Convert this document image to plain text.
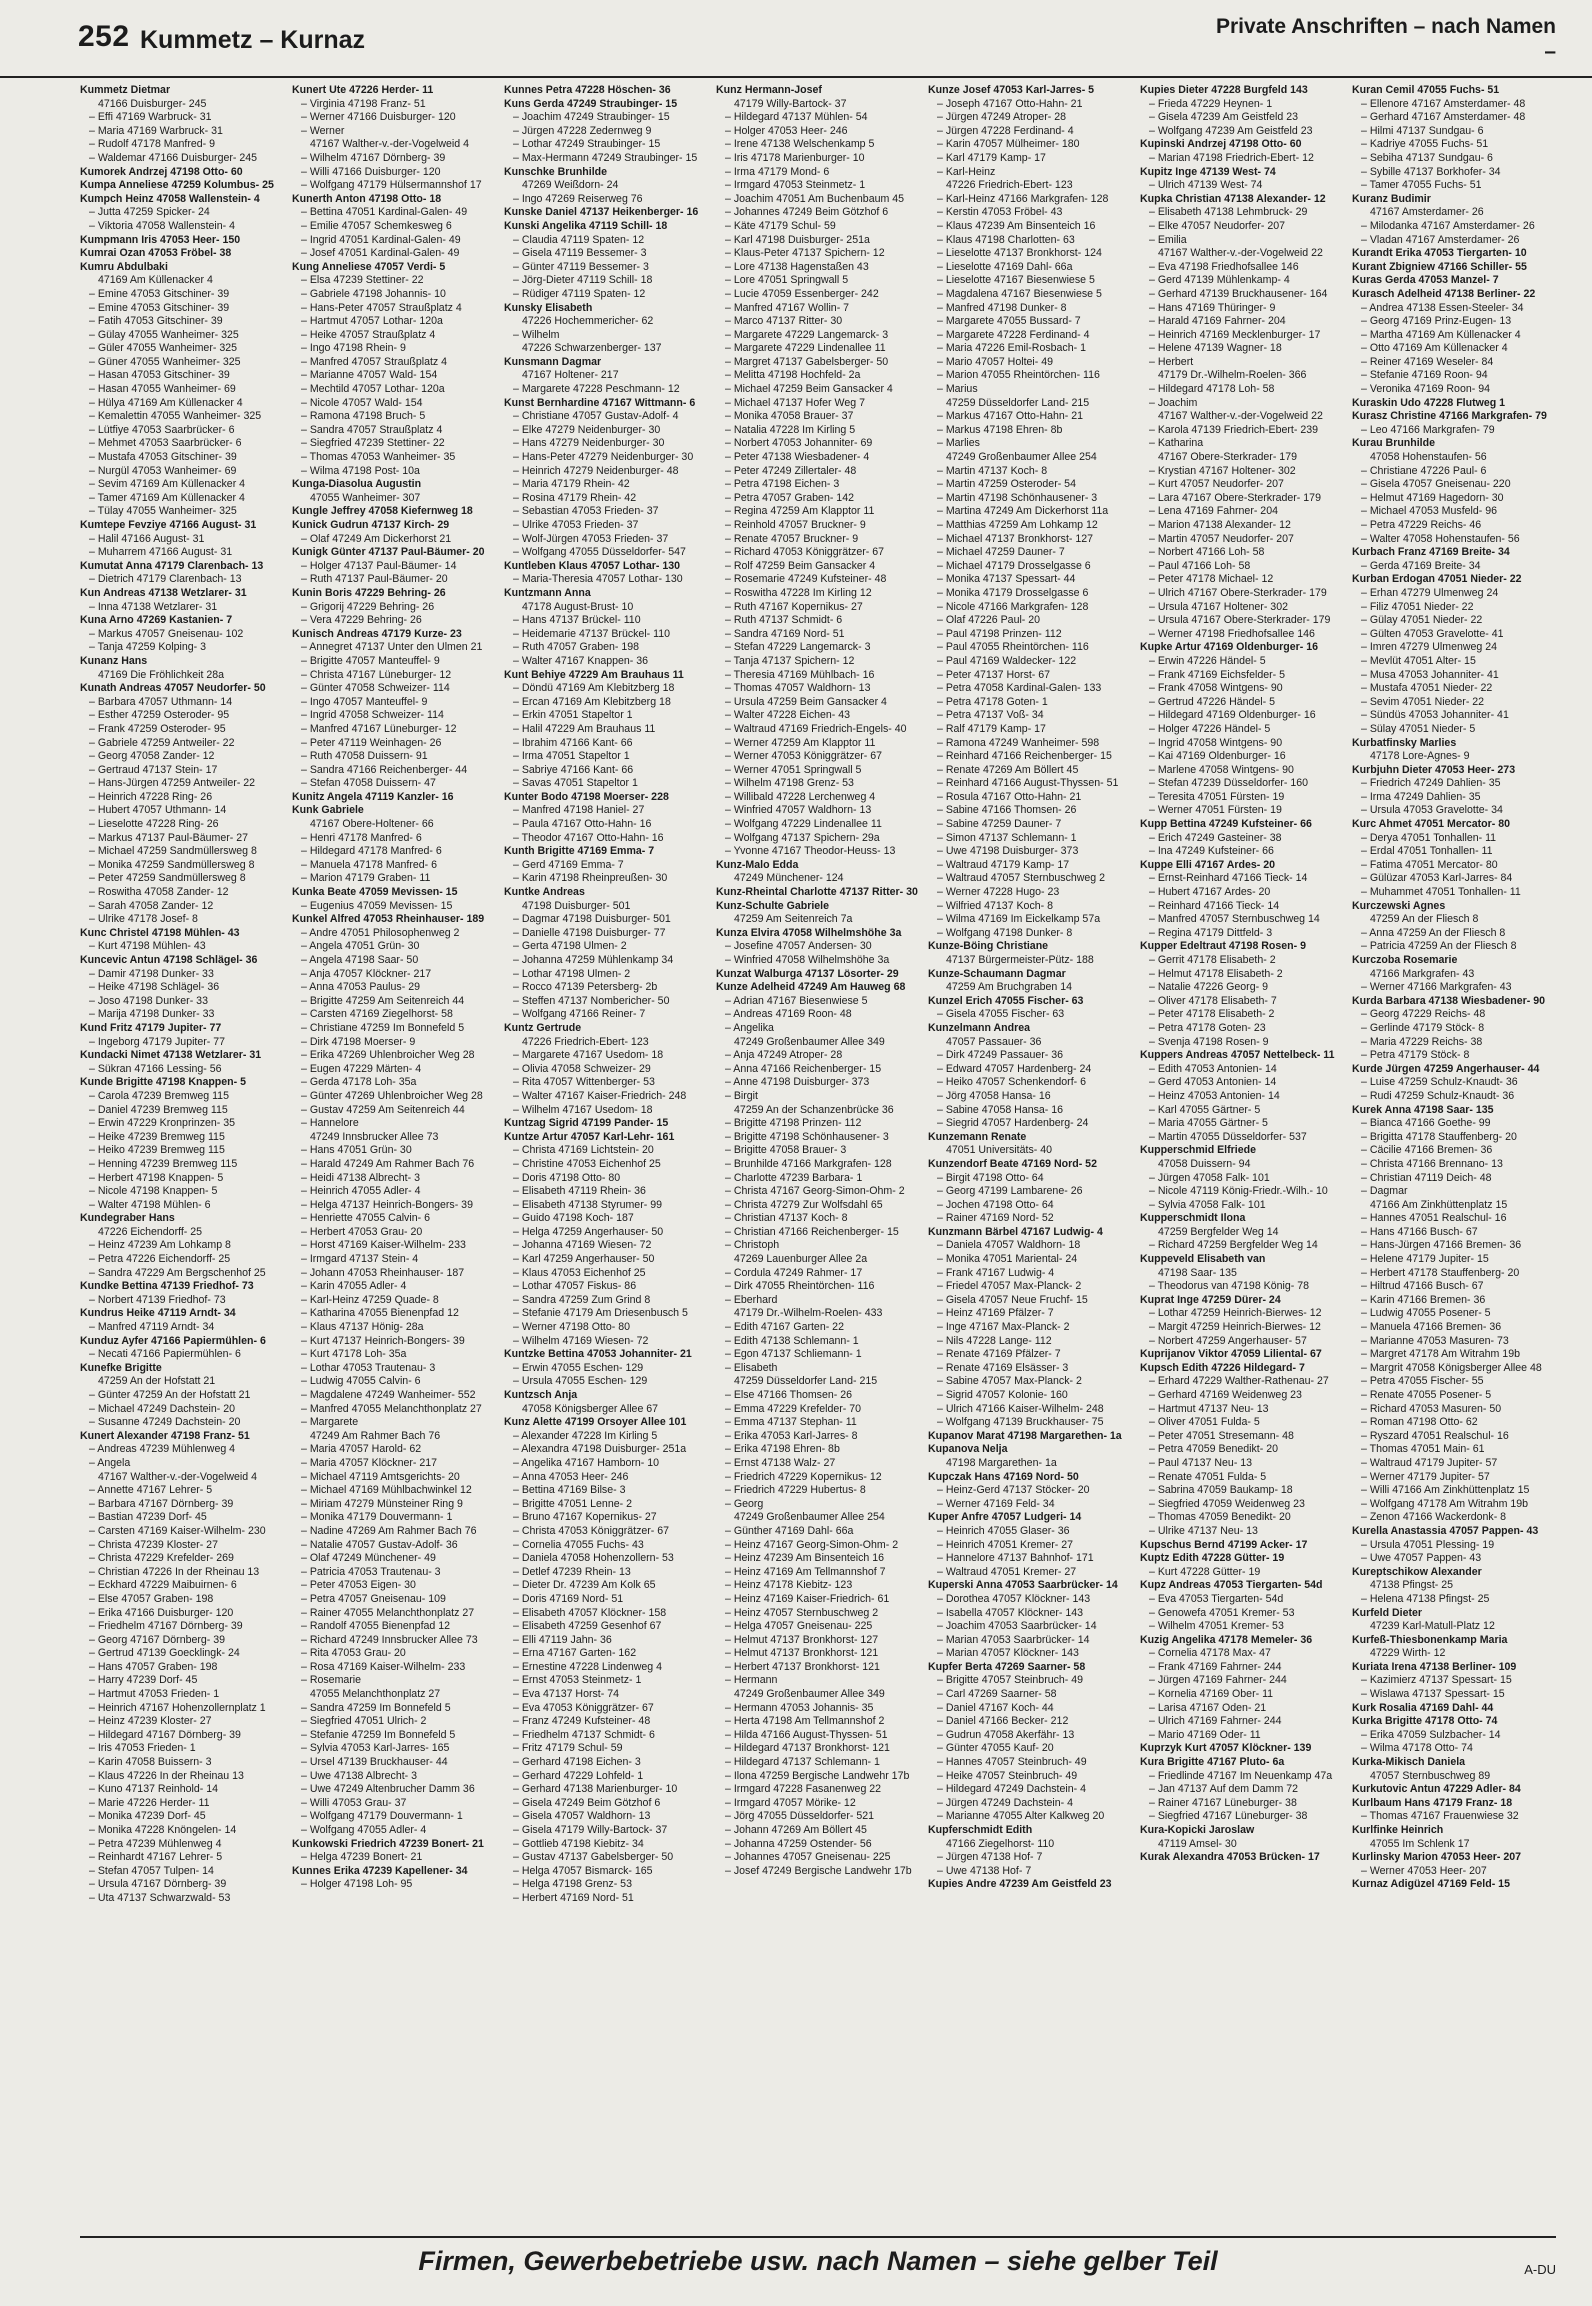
252 Kummetz – Kurnaz	Private Anschriften – nach Namen –
Kummetz Dietmar
47166 Duisburger- 245
– Effi 47169 Warbruck- 31
– Maria 47169 Warbruck- 31
– Rudolf 47178 Manfred- 9
– Waldemar 47166 Duisburger- 245
Kumorek Andrzej 47198 Otto- 60
Kumpa Anneliese 47259 Kolumbus- 25
Kumpch Heinz 47058 Wallenstein- 4
– Jutta 47259 Spicker- 24
– Viktoria 47058 Wallenstein- 4
Kumpmann Iris 47053 Heer- 150
Kumrai Ozan 47053 Fröbel- 38
Kumru Abdulbaki
47169 Am Küllenacker 4
– Emine 47053 Gitschiner- 39
– Emine 47053 Gitschiner- 39
– Fatih 47053 Gitschiner- 39
– Gülay 47055 Wanheimer- 325
– Güler 47055 Wanheimer- 325
– Güner 47055 Wanheimer- 325
– Hasan 47053 Gitschiner- 39
– Hasan 47055 Wanheimer- 69
– Hülya 47169 Am Küllenacker 4
– Kemalettin 47055 Wanheimer- 325
– Lütfiye 47053 Saarbrücker- 6
– Mehmet 47053 Saarbrücker- 6
– Mustafa 47053 Gitschiner- 39
– Nurgül 47053 Wanheimer- 69
– Sevim 47169 Am Küllenacker 4
– Tamer 47169 Am Küllenacker 4
– Tülay 47055 Wanheimer- 325
Kumtepe Fevziye 47166 August- 31
– Halil 47166 August- 31
– Muharrem 47166 August- 31
Kumutat Anna 47179 Clarenbach- 13
– Dietrich 47179 Clarenbach- 13
Kun Andreas 47138 Wetzlarer- 31
– Inna 47138 Wetzlarer- 31
Kuna Arno 47269 Kastanien- 7
– Markus 47057 Gneisenau- 102
– Tanja 47259 Kolping- 3
Kunanz Hans
47169 Die Fröhlichkeit 28a
Kunath Andreas 47057 Neudorfer- 50
– Barbara 47057 Uthmann- 14
– Esther 47259 Osteroder- 95
– Frank 47259 Osteroder- 95
– Gabriele 47259 Antweiler- 22
– Georg 47058 Zander- 12
– Gertraud 47137 Stein- 17
– Hans-Jürgen 47259 Antweiler- 22
– Heinrich 47228 Ring- 26
– Hubert 47057 Uthmann- 14
– Lieselotte 47228 Ring- 26
– Markus 47137 Paul-Bäumer- 27
– Michael 47259 Sandmüllersweg 8
– Monika 47259 Sandmüllersweg 8
– Peter 47259 Sandmüllersweg 8
– Roswitha 47058 Zander- 12
– Sarah 47058 Zander- 12
– Ulrike 47178 Josef- 8
Kunc Christel 47198 Mühlen- 43
– Kurt 47198 Mühlen- 43
Kuncevic Antun 47198 Schlägel- 36
– Damir 47198 Dunker- 33
– Heike 47198 Schlägel- 36
– Joso 47198 Dunker- 33
– Marija 47198 Dunker- 33
Kund Fritz 47179 Jupiter- 77
– Ingeborg 47179 Jupiter- 77
Kundacki Nimet 47138 Wetzlarer- 31
– Sükran 47166 Lessing- 56
Kunde Brigitte 47198 Knappen- 5
– Carola 47239 Bremweg 115
– Daniel 47239 Bremweg 115
– Erwin 47229 Kronprinzen- 35
– Heike 47239 Bremweg 115
– Heiko 47239 Bremweg 115
– Henning 47239 Bremweg 115
– Herbert 47198 Knappen- 5
– Nicole 47198 Knappen- 5
– Walter 47198 Mühlen- 6
Kundegraber Hans
47226 Eichendorff- 25
– Heinz 47239 Am Lohkamp 8
– Petra 47226 Eichendorff- 25
– Sandra 47229 Am Bergschenhof 25
Kundke Bettina 47139 Friedhof- 73
– Norbert 47139 Friedhof- 73
Kundrus Heike 47119 Arndt- 34
– Manfred 47119 Arndt- 34
Kunduz Ayfer 47166 Papiermühlen- 6
– Necati 47166 Papiermühlen- 6
Kunefke Brigitte
47259 An der Hofstatt 21
– Günter 47259 An der Hofstatt 21
– Michael 47249 Dachstein- 20
– Susanne 47249 Dachstein- 20
Kunert Alexander 47198 Franz- 51
– Andreas 47239 Mühlenweg 4
– Angela
47167 Walther-v.-der-Vogelweid 4
– Annette 47167 Lehrer- 5
– Barbara 47167 Dörnberg- 39
– Bastian 47239 Dorf- 45
– Carsten 47169 Kaiser-Wilhelm- 230
– Christa 47239 Kloster- 27
– Christa 47229 Krefelder- 269
– Christian 47226 In der Rheinau 13
– Eckhard 47229 Maibuirnen- 6
– Else 47057 Graben- 198
– Erika 47166 Duisburger- 120
– Friedhelm 47167 Dörnberg- 39
– Georg 47167 Dörnberg- 39
– Gertrud 47139 Goecklingk- 24
– Hans 47057 Graben- 198
– Harry 47239 Dorf- 45
– Hartmut 47053 Frieden- 1
– Heinrich 47167 Hohenzollernplatz 1
– Heinz 47239 Kloster- 27
– Hildegard 47167 Dörnberg- 39
– Iris 47053 Frieden- 1
– Karin 47058 Buissern- 3
– Klaus 47226 In der Rheinau 13
– Kuno 47137 Reinhold- 14
– Marie 47226 Herder- 11
– Monika 47239 Dorf- 45
– Monika 47228 Knöngelen- 14
– Petra 47239 Mühlenweg 4
– Reinhardt 47167 Lehrer- 5
– Stefan 47057 Tulpen- 14
– Ursula 47167 Dörnberg- 39
– Uta 47137 Schwarzwald- 53
Kunert Ute 47226 Herder- 11
– Virginia 47198 Franz- 51
– Werner 47166 Duisburger- 120
– Werner
47167 Walther-v.-der-Vogelweid 4
– Wilhelm 47167 Dörnberg- 39
– Willi 47166 Duisburger- 120
– Wolfgang 47179 Hülsermannshof 17
Kunerth Anton 47198 Otto- 18
– Bettina 47051 Kardinal-Galen- 49
– Emilie 47057 Schemkesweg 6
– Ingrid 47051 Kardinal-Galen- 49
– Josef 47051 Kardinal-Galen- 49
Kung Anneliese 47057 Verdi- 5
– Elsa 47239 Stettiner- 22
– Gabriele 47198 Johannis- 10
– Hans-Peter 47057 Straußplatz 4
– Hartmut 47057 Lothar- 120a
– Heike 47057 Straußplatz 4
– Ingo 47198 Rhein- 9
– Manfred 47057 Straußplatz 4
– Marianne 47057 Wald- 154
– Mechtild 47057 Lothar- 120a
– Nicole 47057 Wald- 154
– Ramona 47198 Bruch- 5
– Sandra 47057 Straußplatz 4
– Siegfried 47239 Stettiner- 22
– Thomas 47053 Wanheimer- 35
– Wilma 47198 Post- 10a
Kunga-Diasolua Augustin
47055 Wanheimer- 307
Kungle Jeffrey 47058 Kiefernweg 18
Kunick Gudrun 47137 Kirch- 29
– Olaf 47249 Am Dickerhorst 21
Kunigk Günter 47137 Paul-Bäumer- 20
– Holger 47137 Paul-Bäumer- 14
– Ruth 47137 Paul-Bäumer- 20
Kunin Boris 47229 Behring- 26
– Grigorij 47229 Behring- 26
– Vera 47229 Behring- 26
Kunisch Andreas 47179 Kurze- 23
– Annegret 47137 Unter den Ulmen 21
– Brigitte 47057 Manteuffel- 9
– Christa 47167 Lüneburger- 12
– Günter 47058 Schweizer- 114
– Ingo 47057 Manteuffel- 9
– Ingrid 47058 Schweizer- 114
– Manfred 47167 Lüneburger- 12
– Peter 47119 Weinhagen- 26
– Ruth 47058 Duissern- 91
– Sandra 47166 Reichenberger- 44
– Stefan 47058 Duissern- 47
Kunitz Angela 47119 Kanzler- 16
Kunk Gabriele
47167 Obere-Holtener- 66
– Henri 47178 Manfred- 6
– Hildegard 47178 Manfred- 6
– Manuela 47178 Manfred- 6
– Marion 47179 Graben- 11
Kunka Beate 47059 Mevissen- 15
– Eugenius 47059 Mevissen- 15
Kunkel Alfred 47053 Rheinhauser- 189
– Andre 47051 Philosophenweg 2
– Angela 47051 Grün- 30
– Angela 47198 Saar- 50
– Anja 47057 Klöckner- 217
– Anna 47053 Paulus- 29
– Brigitte 47259 Am Seitenreich 44
– Carsten 47169 Ziegelhorst- 58
– Christiane 47259 Im Bonnefeld 5
– Dirk 47198 Moerser- 9
– Erika 47269 Uhlenbroicher Weg 28
– Eugen 47229 Märten- 4
– Gerda 47178 Loh- 35a
– Günter 47269 Uhlenbroicher Weg 28
– Gustav 47259 Am Seitenreich 44
– Hannelore
47249 Innsbrucker Allee 73
– Hans 47051 Grün- 30
– Harald 47249 Am Rahmer Bach 76
– Heidi 47138 Albrecht- 3
– Heinrich 47055 Adler- 4
– Helga 47137 Heinrich-Bongers- 39
– Henriette 47055 Calvin- 6
– Herbert 47053 Grau- 20
– Horst 47169 Kaiser-Wilhelm- 233
– Irmgard 47137 Stein- 4
– Johann 47053 Rheinhauser- 187
– Karin 47055 Adler- 4
– Karl-Heinz 47259 Quade- 8
– Katharina 47055 Bienenpfad 12
– Klaus 47137 Hönig- 28a
– Kurt 47137 Heinrich-Bongers- 39
– Kurt 47178 Loh- 35a
– Lothar 47053 Trautenau- 3
– Ludwig 47055 Calvin- 6
– Magdalene 47249 Wanheimer- 552
– Manfred 47055 Melanchthonplatz 27
– Margarete
47249 Am Rahmer Bach 76
– Maria 47057 Harold- 62
– Maria 47057 Klöckner- 217
– Michael 47119 Amtsgerichts- 20
– Michael 47169 Mühlbachwinkel 12
– Miriam 47279 Münsteiner Ring 9
– Monika 47179 Douvermann- 1
– Nadine 47269 Am Rahmer Bach 76
– Natalie 47057 Gustav-Adolf- 36
– Olaf 47249 Münchener- 49
– Patricia 47053 Trautenau- 3
– Peter 47053 Eigen- 30
– Petra 47057 Gneisenau- 109
– Rainer 47055 Melanchthonplatz 27
– Randolf 47055 Bienenpfad 12
– Richard 47249 Innsbrucker Allee 73
– Rita 47053 Grau- 20
– Rosa 47169 Kaiser-Wilhelm- 233
– Rosemarie
47055 Melanchthonplatz 27
– Sandra 47259 Im Bonnefeld 5
– Siegfried 47051 Ulrich- 2
– Stefanie 47259 Im Bonnefeld 5
– Sylvia 47053 Karl-Jarres- 165
– Ursel 47139 Bruckhauser- 44
– Uwe 47138 Albrecht- 3
– Uwe 47249 Altenbrucher Damm 36
– Willi 47053 Grau- 37
– Wolfgang 47179 Douvermann- 1
– Wolfgang 47055 Adler- 4
Kunkowski Friedrich 47239 Bonert- 21
– Helga 47239 Bonert- 21
Kunnes Erika 47239 Kapellener- 34
– Holger 47198 Loh- 95
Kunnes Petra 47228 Höschen- 36
Kuns Gerda 47249 Straubinger- 15
– Joachim 47249 Straubinger- 15
– Jürgen 47228 Zedernweg 9
– Lothar 47249 Straubinger- 15
– Max-Hermann 47249 Straubinger- 15
Kunschke Brunhilde
47269 Weißdorn- 24
– Ingo 47269 Reiserweg 76
Kunske Daniel 47137 Heikenberger- 16
Kunski Angelika 47119 Schill- 18
– Claudia 47119 Spaten- 12
– Gisela 47119 Bessemer- 3
– Günter 47119 Bessemer- 3
– Jörg-Dieter 47119 Schill- 18
– Rüdiger 47119 Spaten- 12
Kunsky Elisabeth
47226 Hochemmericher- 62
– Wilhelm
47226 Schwarzenberger- 137
Kunsmann Dagmar
47167 Holtener- 217
– Margarete 47228 Peschmann- 12
Kunst Bernhardine 47167 Wittmann- 6
– Christiane 47057 Gustav-Adolf- 4
– Elke 47279 Neidenburger- 30
– Hans 47279 Neidenburger- 30
– Hans-Peter 47279 Neidenburger- 30
– Heinrich 47279 Neidenburger- 48
– Maria 47179 Rhein- 42
– Rosina 47179 Rhein- 42
– Sebastian 47053 Frieden- 37
– Ulrike 47053 Frieden- 37
– Wolf-Jürgen 47053 Frieden- 37
– Wolfgang 47055 Düsseldorfer- 547
Kuntleben Klaus 47057 Lothar- 130
– Maria-Theresia 47057 Lothar- 130
Kuntzmann Anna
47178 August-Brust- 10
– Hans 47137 Brückel- 110
– Heidemarie 47137 Brückel- 110
– Ruth 47057 Graben- 198
– Walter 47167 Knappen- 36
Kunt Behiye 47229 Am Brauhaus 11
– Döndü 47169 Am Klebitzberg 18
– Ercan 47169 Am Klebitzberg 18
– Erkin 47051 Stapeltor 1
– Halil 47229 Am Brauhaus 11
– Ibrahim 47166 Kant- 66
– Irma 47051 Stapeltor 1
– Sabriye 47166 Kant- 66
– Savas 47051 Stapeltor 1
Kunter Bodo 47198 Moerser- 228
– Manfred 47198 Haniel- 27
– Paula 47167 Otto-Hahn- 16
– Theodor 47167 Otto-Hahn- 16
Kunth Brigitte 47169 Emma- 7
– Gerd 47169 Emma- 7
– Karin 47198 Rheinpreußen- 30
Kuntke Andreas
47198 Duisburger- 501
– Dagmar 47198 Duisburger- 501
– Danielle 47198 Duisburger- 77
– Gerta 47198 Ulmen- 2
– Johanna 47259 Mühlenkamp 34
– Lothar 47198 Ulmen- 2
– Rocco 47139 Petersberg- 2b
– Steffen 47137 Nombericher- 50
– Wolfgang 47166 Reiner- 7
Kuntz Gertrude
47226 Friedrich-Ebert- 123
– Margarete 47167 Usedom- 18
– Olivia 47058 Schweizer- 29
– Rita 47057 Wittenberger- 53
– Walter 47167 Kaiser-Friedrich- 248
– Wilhelm 47167 Usedom- 18
Kuntzag Sigrid 47199 Pander- 15
Kuntze Artur 47057 Karl-Lehr- 161
– Christa 47169 Lichtstein- 20
– Christine 47053 Eichenhof 25
– Doris 47198 Otto- 80
– Elisabeth 47119 Rhein- 36
– Elisabeth 47138 Styrumer- 99
– Guido 47198 Koch- 187
– Helga 47259 Angerhauser- 50
– Johanna 47169 Wiesen- 72
– Karl 47259 Angerhauser- 50
– Klaus 47053 Eichenhof 25
– Lothar 47057 Fiskus- 86
– Sandra 47259 Zum Grind 8
– Stefanie 47179 Am Driesenbusch 5
– Werner 47198 Otto- 80
– Wilhelm 47169 Wiesen- 72
Kuntzke Bettina 47053 Johanniter- 21
– Erwin 47055 Eschen- 129
– Ursula 47055 Eschen- 129
Kuntzsch Anja
47058 Königsberger Allee 67
Kunz Alette 47199 Orsoyer Allee 101
– Alexander 47228 Im Kirling 5
– Alexandra 47198 Duisburger- 251a
– Angelika 47167 Hamborn- 10
– Anna 47053 Heer- 246
– Bettina 47169 Bilse- 3
– Brigitte 47051 Lenne- 2
– Bruno 47167 Kopernikus- 27
– Christa 47053 Königgrätzer- 67
– Cornelia 47055 Fuchs- 43
– Daniela 47058 Hohenzollern- 53
– Detlef 47239 Rhein- 13
– Dieter Dr. 47239 Am Kolk 65
– Doris 47169 Nord- 51
– Elisabeth 47057 Klöckner- 158
– Elisabeth 47259 Gesenhof 67
– Elli 47119 Jahn- 36
– Erna 47167 Garten- 162
– Ernestine 47228 Lindenweg 4
– Ernst 47053 Steinmetz- 1
– Eva 47137 Horst- 74
– Eva 47053 Königgrätzer- 67
– Franz 47249 Kufsteiner- 48
– Friedhelm 47137 Schmidt- 6
– Fritz 47179 Schul- 59
– Gerhard 47198 Eichen- 3
– Gerhard 47229 Lohfeld- 1
– Gerhard 47138 Marienburger- 10
– Gisela 47249 Beim Götzhof 6
– Gisela 47057 Waldhorn- 13
– Gisela 47179 Willy-Bartock- 37
– Gottlieb 47198 Kiebitz- 34
– Gustav 47137 Gabelsberger- 50
– Helga 47057 Bismarck- 165
– Helga 47198 Grenz- 53
– Herbert 47169 Nord- 51
Kunz Hermann-Josef
47179 Willy-Bartock- 37
– Hildegard 47137 Mühlen- 54
– Holger 47053 Heer- 246
– Irene 47138 Welschenkamp 5
– Iris 47178 Marienburger- 10
– Irma 47179 Mond- 6
– Irmgard 47053 Steinmetz- 1
– Joachim 47051 Am Buchenbaum 45
– Johannes 47249 Beim Götzhof 6
– Käte 47179 Schul- 59
– Karl 47198 Duisburger- 251a
– Klaus-Peter 47137 Spichern- 12
– Lore 47138 Hagenstaßen 43
– Lore 47051 Springwall 5
– Lucie 47059 Essenberger- 242
– Manfred 47167 Wollin- 7
– Marco 47137 Ritter- 30
– Margarete 47229 Langemarck- 3
– Margarete 47229 Lindenallee 11
– Margret 47137 Gabelsberger- 50
– Melitta 47198 Hochfeld- 2a
– Michael 47259 Beim Gansacker 4
– Michael 47137 Hofer Weg 7
– Monika 47058 Brauer- 37
– Natalia 47228 Im Kirling 5
– Norbert 47053 Johanniter- 69
– Peter 47138 Wiesbadener- 4
– Peter 47249 Zillertaler- 48
– Petra 47198 Eichen- 3
– Petra 47057 Graben- 142
– Regina 47259 Am Klapptor 11
– Reinhold 47057 Bruckner- 9
– Renate 47057 Bruckner- 9
– Richard 47053 Königgrätzer- 67
– Rolf 47259 Beim Gansacker 4
– Rosemarie 47249 Kufsteiner- 48
– Roswitha 47228 Im Kirling 12
– Ruth 47167 Kopernikus- 27
– Ruth 47137 Schmidt- 6
– Sandra 47169 Nord- 51
– Stefan 47229 Langemarck- 3
– Tanja 47137 Spichern- 12
– Theresia 47169 Mühlbach- 16
– Thomas 47057 Waldhorn- 13
– Ursula 47259 Beim Gansacker 4
– Walter 47228 Eichen- 43
– Waltraud 47169 Friedrich-Engels- 40
– Werner 47259 Am Klapptor 11
– Werner 47053 Königgrätzer- 67
– Werner 47051 Springwall 5
– Wilhelm 47198 Grenz- 53
– Willibald 47228 Lerchenweg 4
– Winfried 47057 Waldhorn- 13
– Wolfgang 47229 Lindenallee 11
– Wolfgang 47137 Spichern- 29a
– Yvonne 47167 Theodor-Heuss- 13
Kunz-Malo Edda
47249 Münchener- 124
Kunz-Rheintal Charlotte 47137 Ritter- 30
Kunz-Schulte Gabriele
47259 Am Seitenreich 7a
Kunza Elvira 47058 Wilhelmshöhe 3a
– Josefine 47057 Andersen- 30
– Winfried 47058 Wilhelmshöhe 3a
Kunzat Walburga 47137 Lösorter- 29
Kunze Adelheid 47249 Am Hauweg 68
– Adrian 47167 Biesenwiese 5
– Andreas 47169 Roon- 48
– Angelika
47249 Großenbaumer Allee 349
– Anja 47249 Atroper- 28
– Anna 47166 Reichenberger- 15
– Anne 47198 Duisburger- 373
– Birgit
47259 An der Schanzenbrücke 36
– Brigitte 47198 Prinzen- 112
– Brigitte 47198 Schönhausener- 3
– Brigitte 47058 Brauer- 3
– Brunhilde 47166 Markgrafen- 128
– Charlotte 47239 Barbara- 1
– Christa 47167 Georg-Simon-Ohm- 2
– Christa 47279 Zur Wolfsdahl 65
– Christian 47137 Koch- 8
– Christian 47166 Reichenberger- 15
– Christoph
47269 Lauenburger Allee 2a
– Cordula 47249 Rahmer- 17
– Dirk 47055 Rheintörchen- 116
– Eberhard
47179 Dr.-Wilhelm-Roelen- 433
– Edith 47167 Garten- 22
– Edith 47138 Schlemann- 1
– Egon 47137 Schliemann- 1
– Elisabeth
47259 Düsseldorfer Land- 215
– Else 47166 Thomsen- 26
– Emma 47229 Krefelder- 70
– Emma 47137 Stephan- 11
– Erika 47053 Karl-Jarres- 8
– Erika 47198 Ehren- 8b
– Ernst 47138 Walz- 27
– Friedrich 47229 Kopernikus- 12
– Friedrich 47229 Hubertus- 8
– Georg
47249 Großenbaumer Allee 254
– Günther 47169 Dahl- 66a
– Heinz 47167 Georg-Simon-Ohm- 2
– Heinz 47239 Am Binsenteich 16
– Heinz 47169 Am Tellmannshof 7
– Heinz 47178 Kiebitz- 123
– Heinz 47169 Kaiser-Friedrich- 61
– Heinz 47057 Sternbuschweg 2
– Helga 47057 Gneisenau- 225
– Helmut 47137 Bronkhorst- 127
– Helmut 47137 Bronkhorst- 121
– Herbert 47137 Bronkhorst- 121
– Hermann
47249 Großenbaumer Allee 349
– Hermann 47053 Johannis- 35
– Herta 47198 Am Tellmannshof 2
– Hilda 47166 August-Thyssen- 51
– Hildegard 47137 Bronkhorst- 121
– Hildegard 47137 Schlemann- 1
– Ilona 47259 Bergische Landwehr 17b
– Irmgard 47228 Fasanenweg 22
– Irmgard 47057 Mörike- 12
– Jörg 47055 Düsseldorfer- 521
– Johann 47269 Am Böllert 45
– Johanna 47259 Ostender- 56
– Johannes 47057 Gneisenau- 225
– Josef 47249 Bergische Landwehr 17b
Kunze Josef 47053 Karl-Jarres- 5
– Joseph 47167 Otto-Hahn- 21
– Jürgen 47249 Atroper- 28
– Jürgen 47228 Ferdinand- 4
– Karin 47057 Mülheimer- 180
– Karl 47179 Kamp- 17
– Karl-Heinz
47226 Friedrich-Ebert- 123
– Karl-Heinz 47166 Markgrafen- 128
– Kerstin 47053 Fröbel- 43
– Klaus 47239 Am Binsenteich 16
– Klaus 47198 Charlotten- 63
– Lieselotte 47137 Bronkhorst- 124
– Lieselotte 47169 Dahl- 66a
– Lieselotte 47167 Biesenwiese 5
– Magdalena 47167 Biesenwiese 5
– Manfred 47198 Dunker- 8
– Margarete 47055 Bussard- 7
– Margarete 47228 Ferdinand- 4
– Maria 47226 Emil-Rosbach- 1
– Mario 47057 Holtei- 49
– Marion 47055 Rheintörchen- 116
– Marius
47259 Düsseldorfer Land- 215
– Markus 47167 Otto-Hahn- 21
– Markus 47198 Ehren- 8b
– Marlies
47249 Großenbaumer Allee 254
– Martin 47137 Koch- 8
– Martin 47259 Osteroder- 54
– Martin 47198 Schönhausener- 3
– Martina 47249 Am Dickerhorst 11a
– Matthias 47259 Am Lohkamp 12
– Michael 47137 Bronkhorst- 127
– Michael 47259 Dauner- 7
– Michael 47179 Drosselgasse 6
– Monika 47137 Spessart- 44
– Monika 47179 Drosselgasse 6
– Nicole 47166 Markgrafen- 128
– Olaf 47226 Paul- 20
– Paul 47198 Prinzen- 112
– Paul 47055 Rheintörchen- 116
– Paul 47169 Waldecker- 122
– Peter 47137 Horst- 67
– Petra 47058 Kardinal-Galen- 133
– Petra 47178 Goten- 1
– Petra 47137 Voß- 34
– Ralf 47179 Kamp- 17
– Ramona 47249 Wanheimer- 598
– Reinhard 47166 Reichenberger- 15
– Renate 47269 Am Böllert 45
– Reinhard 47166 August-Thyssen- 51
– Rosula 47167 Otto-Hahn- 21
– Sabine 47166 Thomsen- 26
– Sabine 47259 Dauner- 7
– Simon 47137 Schlemann- 1
– Uwe 47198 Duisburger- 373
– Waltraud 47179 Kamp- 17
– Waltraud 47057 Sternbuschweg 2
– Werner 47228 Hugo- 23
– Wilfried 47137 Koch- 8
– Wilma 47169 Im Eickelkamp 57a
– Wolfgang 47198 Dunker- 8
Kunze-Böing Christiane
47137 Bürgermeister-Pütz- 188
Kunze-Schaumann Dagmar
47259 Am Bruchgraben 14
Kunzel Erich 47055 Fischer- 63
– Gisela 47055 Fischer- 63
Kunzelmann Andrea
47057 Passauer- 36
– Dirk 47249 Passauer- 36
– Edward 47057 Hardenberg- 24
– Heiko 47057 Schenkendorf- 6
– Jörg 47058 Hansa- 16
– Sabine 47058 Hansa- 16
– Siegrid 47057 Hardenberg- 24
Kunzemann Renate
47051 Universitäts- 40
Kunzendorf Beate 47169 Nord- 52
– Birgit 47198 Otto- 64
– Georg 47199 Lambarene- 26
– Jochen 47198 Otto- 64
– Rainer 47169 Nord- 52
Kunzmann Bärbel 47167 Ludwig- 4
– Daniela 47057 Waldhorn- 18
– Monika 47051 Mariental- 24
– Frank 47167 Ludwig- 4
– Friedel 47057 Max-Planck- 2
– Gisela 47057 Neue Fruchf- 15
– Heinz 47169 Pfälzer- 7
– Inge 47167 Max-Planck- 2
– Nils 47228 Lange- 112
– Renate 47169 Pfälzer- 7
– Renate 47169 Elsässer- 3
– Sabine 47057 Max-Planck- 2
– Sigrid 47057 Kolonie- 160
– Ulrich 47166 Kaiser-Wilhelm- 248
– Wolfgang 47139 Bruckhauser- 75
Kupanov Marat 47198 Margarethen- 1a
Kupanova Nelja
47198 Margarethen- 1a
Kupczak Hans 47169 Nord- 50
– Heinz-Gerd 47137 Stöcker- 20
– Werner 47169 Feld- 34
Kuper Anfre 47057 Ludgeri- 14
– Heinrich 47055 Glaser- 36
– Heinrich 47051 Kremer- 27
– Hannelore 47137 Bahnhof- 171
– Waltraud 47051 Kremer- 27
Kuperski Anna 47053 Saarbrücker- 14
– Dorothea 47057 Klöckner- 143
– Isabella 47057 Klöckner- 143
– Joachim 47053 Saarbrücker- 14
– Marian 47053 Saarbrücker- 14
– Marian 47057 Klöckner- 143
Kupfer Berta 47269 Saarner- 58
– Brigitte 47057 Steinbruch- 49
– Carl 47269 Saarner- 58
– Daniel 47167 Koch- 44
– Daniel 47166 Becker- 212
– Gudrun 47058 Akerfähr- 13
– Günter 47055 Kauf- 20
– Hannes 47057 Steinbruch- 49
– Heike 47057 Steinbruch- 49
– Hildegard 47249 Dachstein- 4
– Jürgen 47249 Dachstein- 4
– Marianne 47055 Alter Kalkweg 20
Kupferschmidt Edith
47166 Ziegelhorst- 110
– Jürgen 47138 Hof- 7
– Uwe 47138 Hof- 7
Kupies Andre 47239 Am Geistfeld 23
Kupies Dieter 47228 Burgfeld 143
– Frieda 47229 Heynen- 1
– Gisela 47239 Am Geistfeld 23
– Wolfgang 47239 Am Geistfeld 23
Kupinski Andrzej 47198 Otto- 60
– Marian 47198 Friedrich-Ebert- 12
Kupitz Inge 47139 West- 74
– Ulrich 47139 West- 74
Kupka Christian 47138 Alexander- 12
– Elisabeth 47138 Lehmbruck- 29
– Elke 47057 Neudorfer- 207
– Emilia
47167 Walther-v.-der-Vogelweid 22
– Eva 47198 Friedhofsallee 146
– Gerd 47139 Mühlenkamp- 4
– Gerhard 47139 Bruckhausener- 164
– Hans 47169 Thüringer- 9
– Harald 47169 Fahrner- 204
– Heinrich 47169 Mecklenburger- 17
– Helene 47139 Wagner- 18
– Herbert
47179 Dr.-Wilhelm-Roelen- 366
– Hildegard 47178 Loh- 58
– Joachim
47167 Walther-v.-der-Vogelweid 22
– Karola 47139 Friedrich-Ebert- 239
– Katharina
47167 Obere-Sterkrader- 179
– Krystian 47167 Holtener- 302
– Kurt 47057 Neudorfer- 207
– Lara 47167 Obere-Sterkrader- 179
– Lena 47169 Fahrner- 204
– Marion 47138 Alexander- 12
– Martin 47057 Neudorfer- 207
– Norbert 47166 Loh- 58
– Paul 47166 Loh- 58
– Peter 47178 Michael- 12
– Ulrich 47167 Obere-Sterkrader- 179
– Ursula 47167 Holtener- 302
– Ursula 47167 Obere-Sterkrader- 179
– Werner 47198 Friedhofsallee 146
Kupke Artur 47169 Oldenburger- 16
– Erwin 47226 Händel- 5
– Frank 47169 Eichsfelder- 5
– Frank 47058 Wintgens- 90
– Gertrud 47226 Händel- 5
– Hildegard 47169 Oldenburger- 16
– Holger 47226 Händel- 5
– Ingrid 47058 Wintgens- 90
– Kai 47169 Oldenburger- 16
– Marlene 47058 Wintgens- 90
– Stefan 47239 Düsseldorfer- 160
– Teresita 47051 Fürsten- 19
– Werner 47051 Fürsten- 19
Kupp Bettina 47249 Kufsteiner- 66
– Erich 47249 Gasteiner- 38
– Ina 47249 Kufsteiner- 66
Kuppe Elli 47167 Ardes- 20
– Ernst-Reinhard 47166 Tieck- 14
– Hubert 47167 Ardes- 20
– Reinhard 47166 Tieck- 14
– Manfred 47057 Sternbuschweg 14
– Regina 47179 Dittfeld- 3
Kupper Edeltraut 47198 Rosen- 9
– Gerrit 47178 Elisabeth- 2
– Helmut 47178 Elisabeth- 2
– Natalie 47226 Georg- 9
– Oliver 47178 Elisabeth- 7
– Peter 47178 Elisabeth- 2
– Petra 47178 Goten- 23
– Svenja 47198 Rosen- 9
Kuppers Andreas 47057 Nettelbeck- 11
– Edith 47053 Antonien- 14
– Gerd 47053 Antonien- 14
– Heinz 47053 Antonien- 14
– Karl 47055 Gärtner- 5
– Maria 47055 Gärtner- 5
– Martin 47055 Düsseldorfer- 537
Kupperschmid Elfriede
47058 Duissern- 94
– Jürgen 47058 Falk- 101
– Nicole 47119 König-Friedr.-Wilh.- 10
– Sylvia 47058 Falk- 101
Kupperschmidt Ilona
47259 Bergfelder Weg 14
– Richard 47259 Bergfelder Weg 14
Kuppeveld Elisabeth van
47198 Saar- 135
– Theodorus van 47198 König- 78
Kuprat Inge 47259 Dürer- 24
– Lothar 47259 Heinrich-Bierwes- 12
– Margit 47259 Heinrich-Bierwes- 12
– Norbert 47259 Angerhauser- 57
Kuprijanov Viktor 47059 Liliental- 67
Kupsch Edith 47226 Hildegard- 7
– Erhard 47229 Walther-Rathenau- 27
– Gerhard 47169 Weidenweg 23
– Hartmut 47137 Neu- 13
– Oliver 47051 Fulda- 5
– Peter 47051 Stresemann- 48
– Petra 47059 Benedikt- 20
– Paul 47137 Neu- 13
– Renate 47051 Fulda- 5
– Sabrina 47059 Baukamp- 18
– Siegfried 47059 Weidenweg 23
– Thomas 47059 Benedikt- 20
– Ulrike 47137 Neu- 13
Kupschus Bernd 47199 Acker- 17
Kuptz Edith 47228 Gütter- 19
– Kurt 47228 Gütter- 19
Kupz Andreas 47053 Tiergarten- 54d
– Eva 47053 Tiergarten- 54d
– Genowefa 47051 Kremer- 53
– Wilhelm 47051 Kremer- 53
Kuzig Angelika 47178 Memeler- 36
– Cornelia 47178 Max- 47
– Frank 47169 Fahrner- 244
– Jürgen 47169 Fahrner- 244
– Kornelia 47169 Ober- 11
– Larisa 47167 Oden- 21
– Ulrich 47169 Fahrner- 244
– Mario 47169 Oder- 11
Kuprzyk Kurt 47057 Klöckner- 139
Kura Brigitte 47167 Pluto- 6a
– Friedlinde 47167 Im Neuenkamp 47a
– Jan 47137 Auf dem Damm 72
– Rainer 47167 Lüneburger- 38
– Siegfried 47167 Lüneburger- 38
Kura-Kopicki Jaroslaw
47119 Amsel- 30
Kurak Alexandra 47053 Brücken- 17
Kuran Cemil 47055 Fuchs- 51
– Ellenore 47167 Amsterdamer- 48
– Gerhard 47167 Amsterdamer- 48
– Hilmi 47137 Sundgau- 6
– Kadriye 47055 Fuchs- 51
– Sebiha 47137 Sundgau- 6
– Sybille 47137 Borkhofer- 34
– Tamer 47055 Fuchs- 51
Kuranz Budimir
47167 Amsterdamer- 26
– Milodanka 47167 Amsterdamer- 26
– Vladan 47167 Amsterdamer- 26
Kurandt Erika 47053 Tiergarten- 10
Kurant Zbigniew 47166 Schiller- 55
Kuras Gerda 47053 Manzel- 7
Kurasch Adelheid 47138 Berliner- 22
– Andrea 47138 Essen-Steeler- 34
– Georg 47169 Prinz-Eugen- 13
– Martha 47169 Am Küllenacker 4
– Otto 47169 Am Küllenacker 4
– Reiner 47169 Weseler- 84
– Stefanie 47169 Roon- 94
– Veronika 47169 Roon- 94
Kuraskin Udo 47228 Flutweg 1
Kurasz Christine 47166 Markgrafen- 79
– Leo 47166 Markgrafen- 79
Kurau Brunhilde
47058 Hohenstaufen- 56
– Christiane 47226 Paul- 6
– Gisela 47057 Gneisenau- 220
– Helmut 47169 Hagedorn- 30
– Michael 47053 Musfeld- 96
– Petra 47229 Reichs- 46
– Walter 47058 Hohenstaufen- 56
Kurbach Franz 47169 Breite- 34
– Gerda 47169 Breite- 34
Kurban Erdogan 47051 Nieder- 22
– Erhan 47279 Ulmenweg 24
– Filiz 47051 Nieder- 22
– Gülay 47051 Nieder- 22
– Gülten 47053 Gravelotte- 41
– Imren 47279 Ulmenweg 24
– Mevlüt 47051 Alter- 15
– Musa 47053 Johanniter- 41
– Mustafa 47051 Nieder- 22
– Sevim 47051 Nieder- 22
– Sündüs 47053 Johanniter- 41
– Sülay 47051 Nieder- 5
Kurbatfinsky Marlies
47178 Lore-Agnes- 9
Kurbjuhn Dieter 47053 Heer- 273
– Friedrich 47249 Dahlien- 35
– Irma 47249 Dahlien- 35
– Ursula 47053 Gravelotte- 34
Kurc Ahmet 47051 Mercator- 80
– Derya 47051 Tonhallen- 11
– Erdal 47051 Tonhallen- 11
– Fatima 47051 Mercator- 80
– Gülüzar 47053 Karl-Jarres- 84
– Muhammet 47051 Tonhallen- 11
Kurczewski Agnes
47259 An der Fliesch 8
– Anna 47259 An der Fliesch 8
– Patricia 47259 An der Fliesch 8
Kurczoba Rosemarie
47166 Markgrafen- 43
– Werner 47166 Markgrafen- 43
Kurda Barbara 47138 Wiesbadener- 90
– Georg 47229 Reichs- 48
– Gerlinde 47179 Stöck- 8
– Maria 47229 Reichs- 38
– Petra 47179 Stöck- 8
Kurde Jürgen 47259 Angerhauser- 44
– Luise 47259 Schulz-Knaudt- 36
– Rudi 47259 Schulz-Knaudt- 36
Kurek Anna 47198 Saar- 135
– Bianca 47166 Goethe- 99
– Brigitta 47178 Stauffenberg- 20
– Cäcilie 47166 Bremen- 36
– Christa 47166 Brennano- 13
– Christian 47119 Deich- 48
– Dagmar
47166 Am Zinkhüttenplatz 15
– Hannes 47051 Realschul- 16
– Hans 47166 Busch- 67
– Hans-Jürgen 47166 Bremen- 36
– Helene 47179 Jupiter- 15
– Herbert 47178 Stauffenberg- 20
– Hiltrud 47166 Busch- 67
– Karin 47166 Bremen- 36
– Ludwig 47055 Posener- 5
– Manuela 47166 Bremen- 36
– Marianne 47053 Masuren- 73
– Margret 47178 Am Witrahm 19b
– Margrit 47058 Königsberger Allee 48
– Petra 47055 Fischer- 55
– Renate 47055 Posener- 5
– Richard 47053 Masuren- 50
– Roman 47198 Otto- 62
– Ryszard 47051 Realschul- 16
– Thomas 47051 Main- 61
– Waltraud 47179 Jupiter- 57
– Werner 47179 Jupiter- 57
– Willi 47166 Am Zinkhüttenplatz 15
– Wolfgang 47178 Am Witrahm 19b
– Zenon 47166 Wackerdonk- 8
Kurella Anastassia 47057 Pappen- 43
– Ursula 47051 Plessing- 19
– Uwe 47057 Pappen- 43
Kureptschikow Alexander
47138 Pfingst- 25
– Helena 47138 Pfingst- 25
Kurfeld Dieter
47239 Karl-Matull-Platz 12
Kurfeß-Thiesbonenkamp Maria
47229 Wirth- 12
Kuriata Irena 47138 Berliner- 109
– Kazimierz 47137 Spessart- 15
– Wislawa 47137 Spessart- 15
Kurk Rosalia 47169 Dahl- 44
Kurka Brigitte 47178 Otto- 74
– Erika 47059 Sulzbacher- 14
– Wilma 47178 Otto- 74
Kurka-Mikisch Daniela
47057 Sternbuschweg 89
Kurkutovic Antun 47229 Adler- 84
Kurlbaum Hans 47179 Franz- 18
– Thomas 47167 Frauenwiese 32
Kurlfinke Heinrich
47055 Im Schlenk 17
Kurlinsky Marion 47053 Heer- 207
– Werner 47053 Heer- 207
Kurnaz Adigüzel 47169 Feld- 15
Firmen, Gewerbebetriebe usw. nach Namen – siehe gelber Teil	A-DU
